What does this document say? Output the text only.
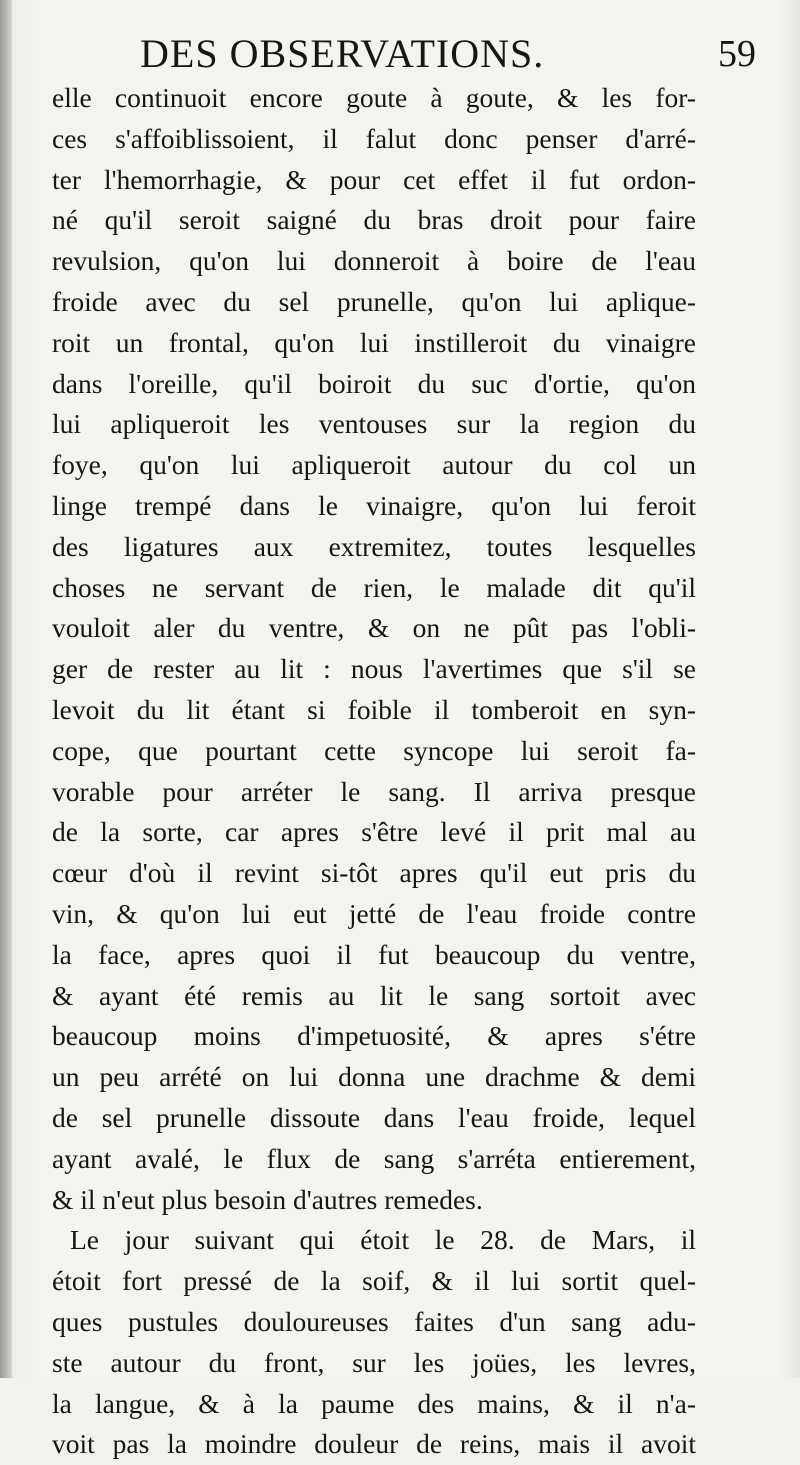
DES OBSERVATIONS.	59
elle continuoit encore goute à goute, & les for-
ces s'affoiblissoient, il falut donc penser d'arré-
ter l'hemorrhagie, & pour cet effet il fut ordon-
né qu'il seroit saigné du bras droit pour faire
revulsion, qu'on lui donneroit à boire de l'eau
froide avec du sel prunelle, qu'on lui aplique-
roit un frontal, qu'on lui instilleroit du vinaigre
dans l'oreille, qu'il boiroit du suc d'ortie, qu'on
lui apliqueroit les ventouses sur la region du
foye, qu'on lui apliqueroit autour du col un
linge trempé dans le vinaigre, qu'on lui feroit
des ligatures aux extremitez, toutes lesquelles
choses ne servant de rien, le malade dit qu'il
vouloit aler du ventre, & on ne pût pas l'obli-
ger de rester au lit : nous l'avertimes que s'il se
levoit du lit étant si foible il tomberoit en syn-
cope, que pourtant cette syncope lui seroit fa-
vorable pour arréter le sang. Il arriva presque
de la sorte, car apres s'être levé il prit mal au
cœur d'où il revint si-tôt apres qu'il eut pris du
vin, & qu'on lui eut jetté de l'eau froide contre
la face, apres quoi il fut beaucoup du ventre,
& ayant été remis au lit le sang sortoit avec
beaucoup moins d'impetuosité, & apres s'étre
un peu arrété on lui donna une drachme & demi
de sel prunelle dissoute dans l'eau froide, lequel
ayant avalé, le flux de sang s'arréta entierement,
& il n'eut plus besoin d'autres remedes.
Le jour suivant qui étoit le 28. de Mars, il
étoit fort pressé de la soif, & il lui sortit quel-
ques pustules douloureuses faites d'un sang adu-
ste autour du front, sur les joües, les levres,
la langue, & à la paume des mains, & il n'a-
voit pas la moindre douleur de reins, mais il avoit
